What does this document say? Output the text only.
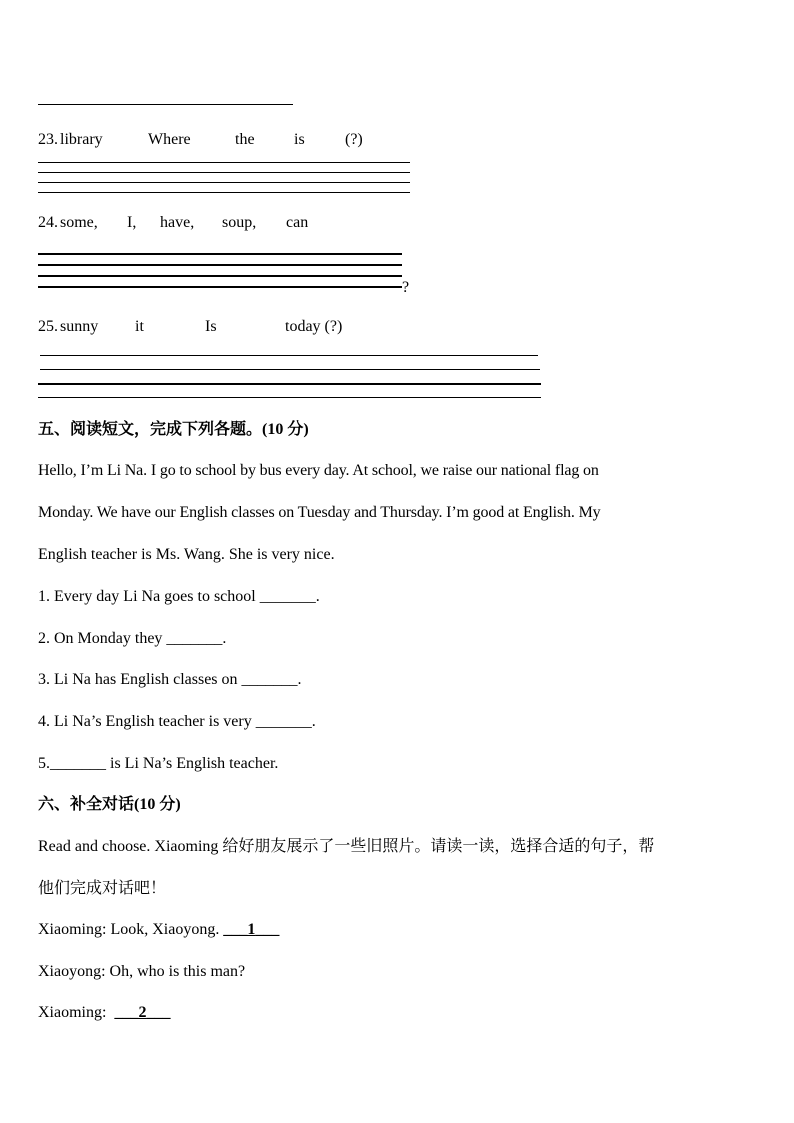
23. library	Where	the is	(?)
24. some, I, have, soup, can
?
25. sunny it	Is	today (?)
五、阅读短文，完成下列各题。(10 分)
Hello, I’m Li Na. I go to school by bus every day. At school, we raise our national flag on
Monday. We have our English classes on Tuesday and Thursday. I’m good at English. My
English teacher is Ms. Wang. She is very nice.
1. Every day Li Na goes to school _______.
2. On Monday they _______.
3. Li Na has English classes on _______.
4. Li Na’s English teacher is very _______.
5._______ is Li Na’s English teacher.
六、补全对话(10 分)
Read and choose. Xiaoming 给好朋友展示了一些旧照片。请读一读，选择合适的句子，帮
他们完成对话吧！
Xiaoming: Look, Xiaoyong. ___1___
Xiaoyong: Oh, who is this man?
Xiaoming: ___2___
